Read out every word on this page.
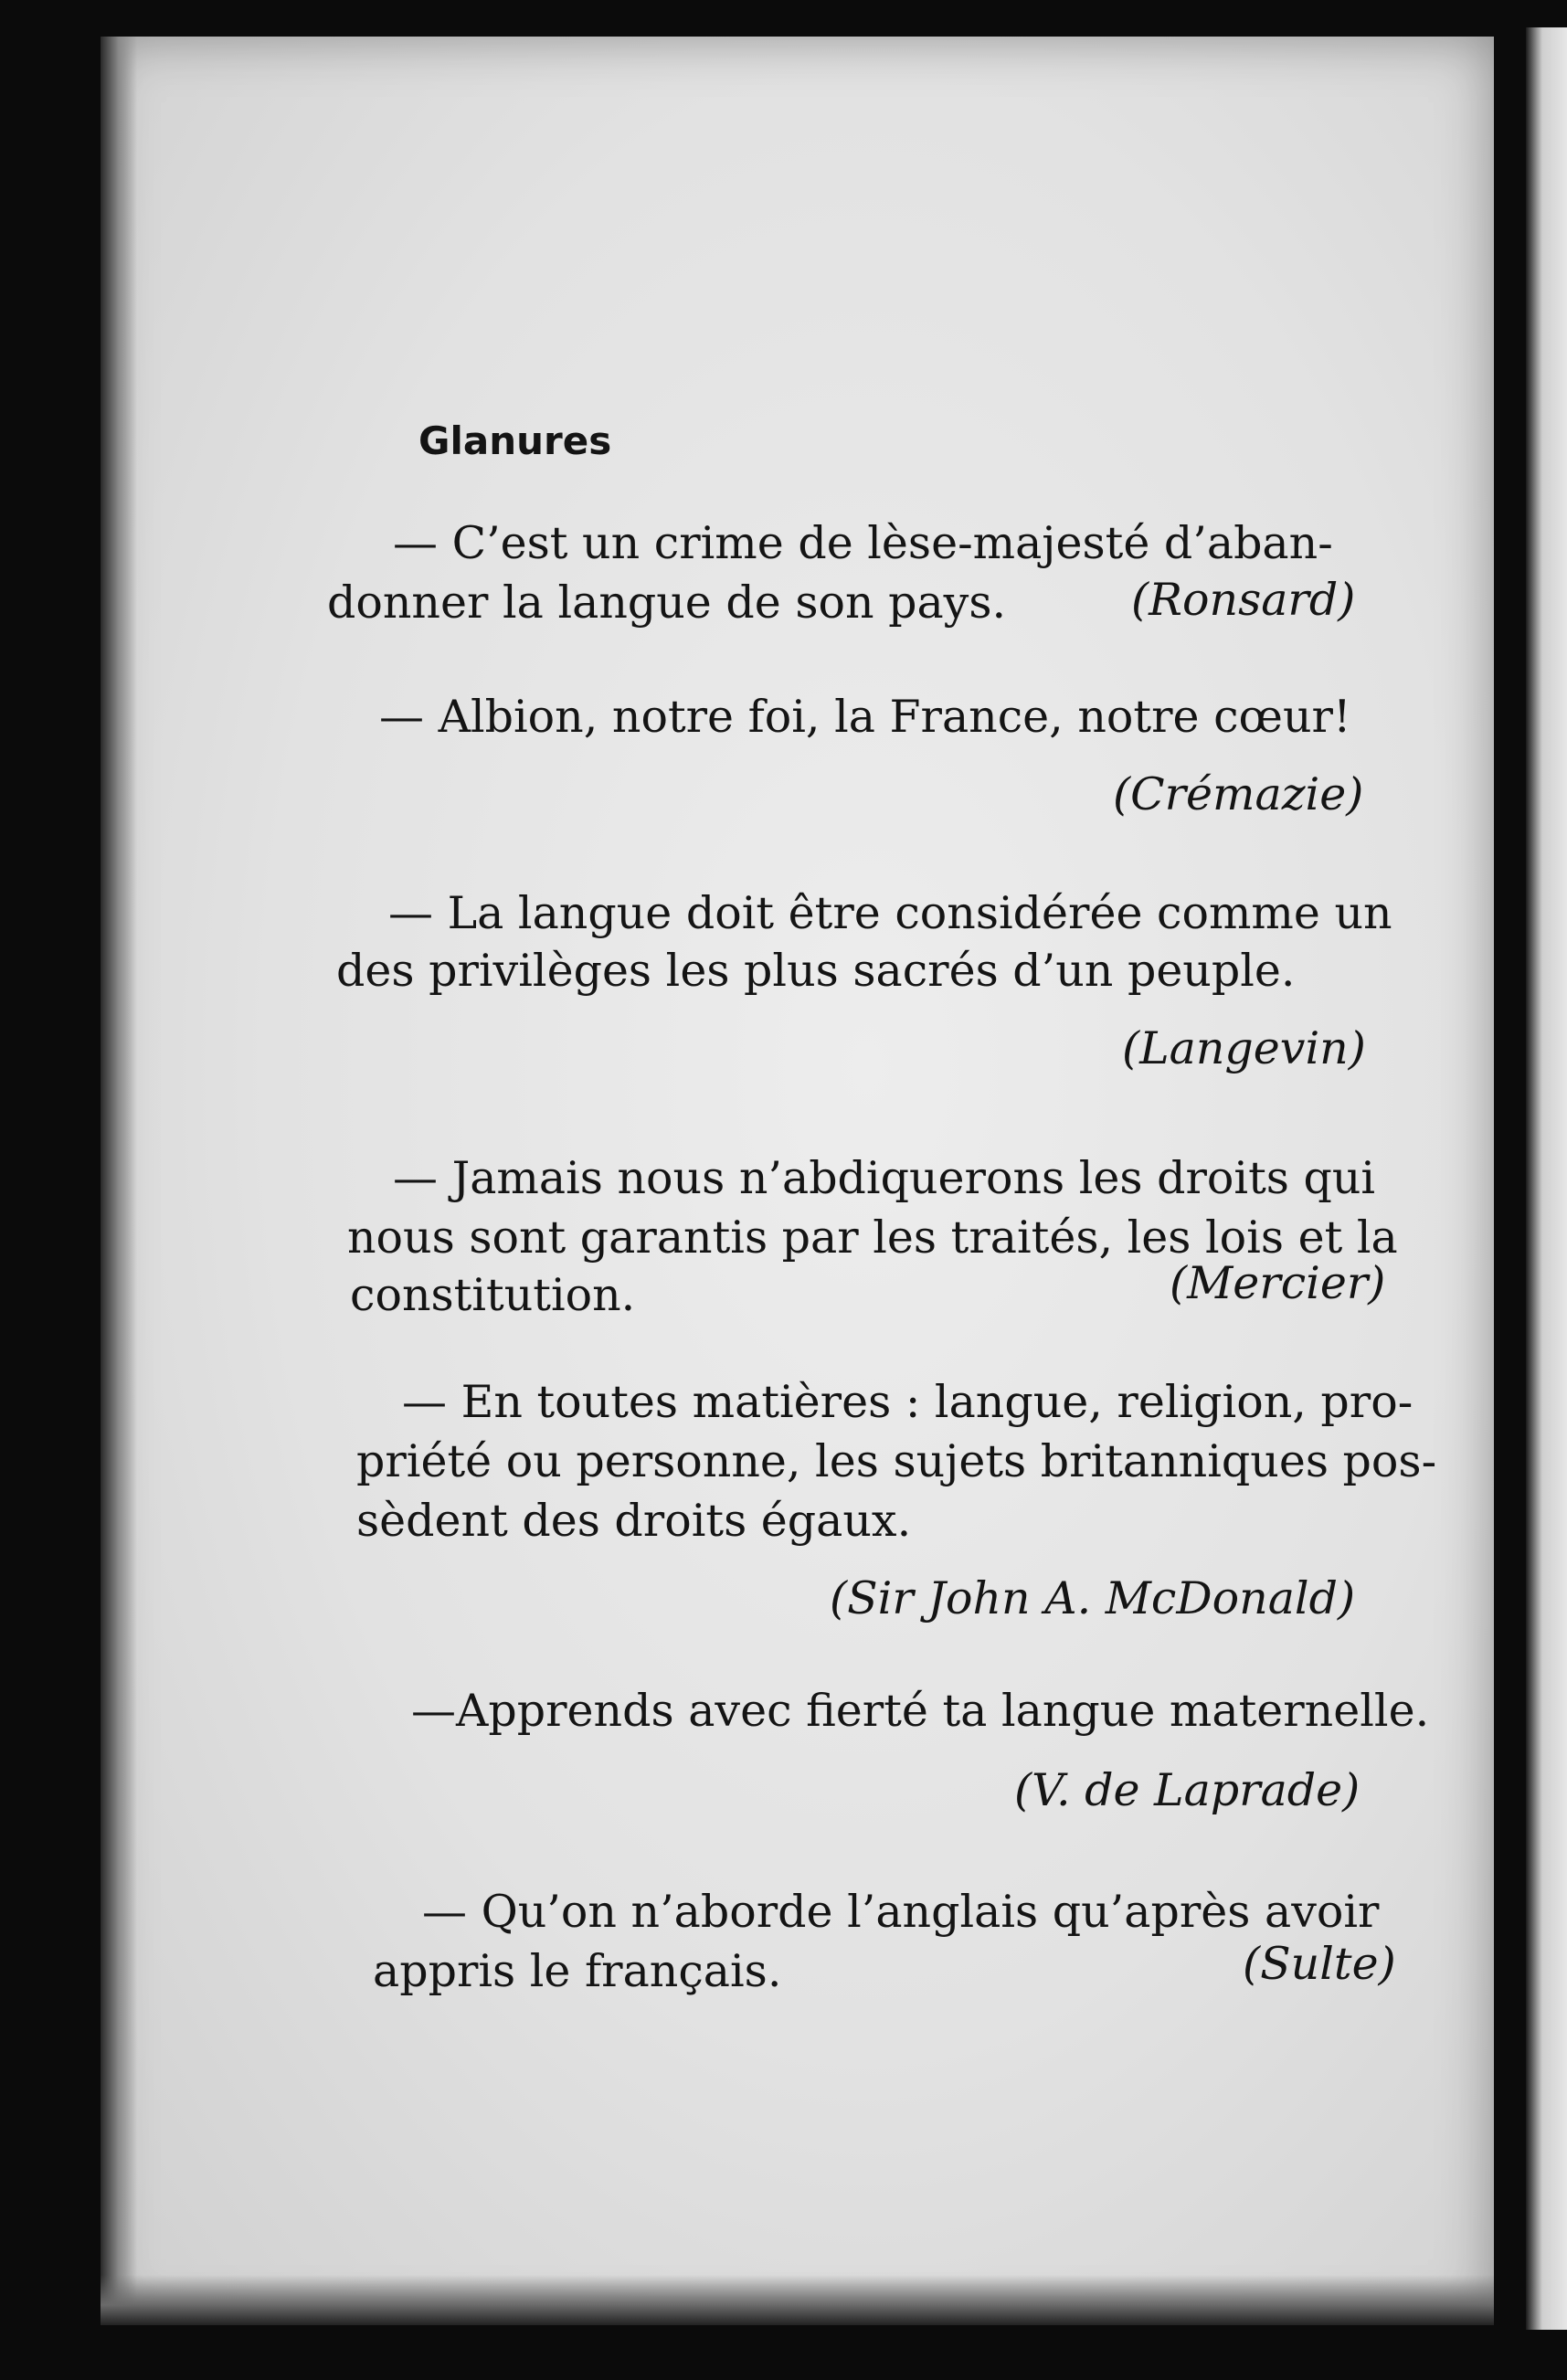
Glanures
— C’est un crime de lèse-majesté d’aban-
donner la langue de son pays.	(Ronsard)
— Albion, notre foi, la France, notre cœur!
(Crémazie)
— La langue doit être considérée comme un
des privilèges les plus sacrés d’un peuple.
(Langevin)
— Jamais nous n’abdiquerons les droits qui
nous sont garantis par les traités, les lois et la
constitution.	(Mercier)
— En toutes matières : langue, religion, pro-
priété ou personne, les sujets britanniques pos-
sèdent des droits égaux.
(Sir John A. McDonald)
—Apprends avec fierté ta langue maternelle.
(V. de Laprade)
— Qu’on n’aborde l’anglais qu’après avoir
appris le français.	(Sulte)
